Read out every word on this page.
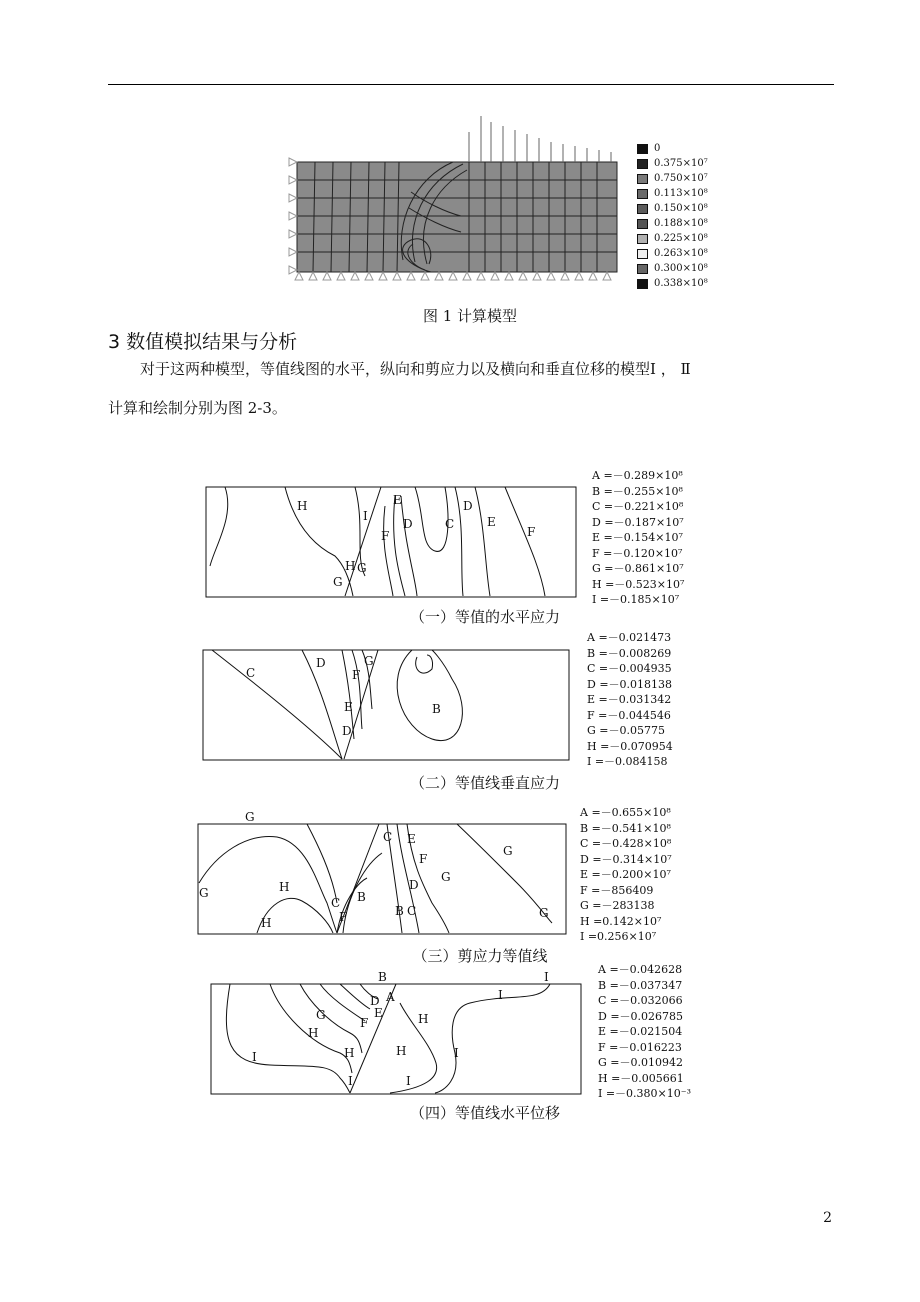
0
0.375×10⁷
0.750×10⁷
0.113×10⁸
0.150×10⁸
0.188×10⁸
0.225×10⁸
0.263×10⁸
0.300×10⁸
0.338×10⁸
图 1 计算模型
3 数值模拟结果与分析
对于这两种模型，等值线图的水平，纵向和剪应力以及横向和垂直位移的模型Ⅰ ， Ⅱ
计算和绘制分别为图 2-3。
H
I
E
D	C
D
E
F
F
H G
G
A =－0.289×10⁸
B =－0.255×10⁸
C =－0.221×10⁸
D =－0.187×10⁷
E =－0.154×10⁷
F =－0.120×10⁷
G =－0.861×10⁷
H =－0.523×10⁷
I =－0.185×10⁷
（一）等值的水平应力
C
D	G
F
E
D
B
A =－0.021473
B =－0.008269
C =－0.004935
D =－0.018138
E =－0.031342
F =－0.044546
G =－0.05775
H =－0.070954
I =－0.084158
（二）等值线垂直应力
G
G	H
H
C
F
B
C E
F
D
G
G
G
B C
A =－0.655×10⁸
B =－0.541×10⁸
C =－0.428×10⁸
D =－0.314×10⁷
E =－0.200×10⁷
F =－856409
G =－283138
H =0.142×10⁷
I =0.256×10⁷
（三）剪应力等值线
B
D A
E
F
G
H
H	H
H
I
I	I
I
I
I
A =－0.042628
B =－0.037347
C =－0.032066
D =－0.026785
E =－0.021504
F =－0.016223
G =－0.010942
H =－0.005661
I =－0.380×10⁻³
（四）等值线水平位移
2
